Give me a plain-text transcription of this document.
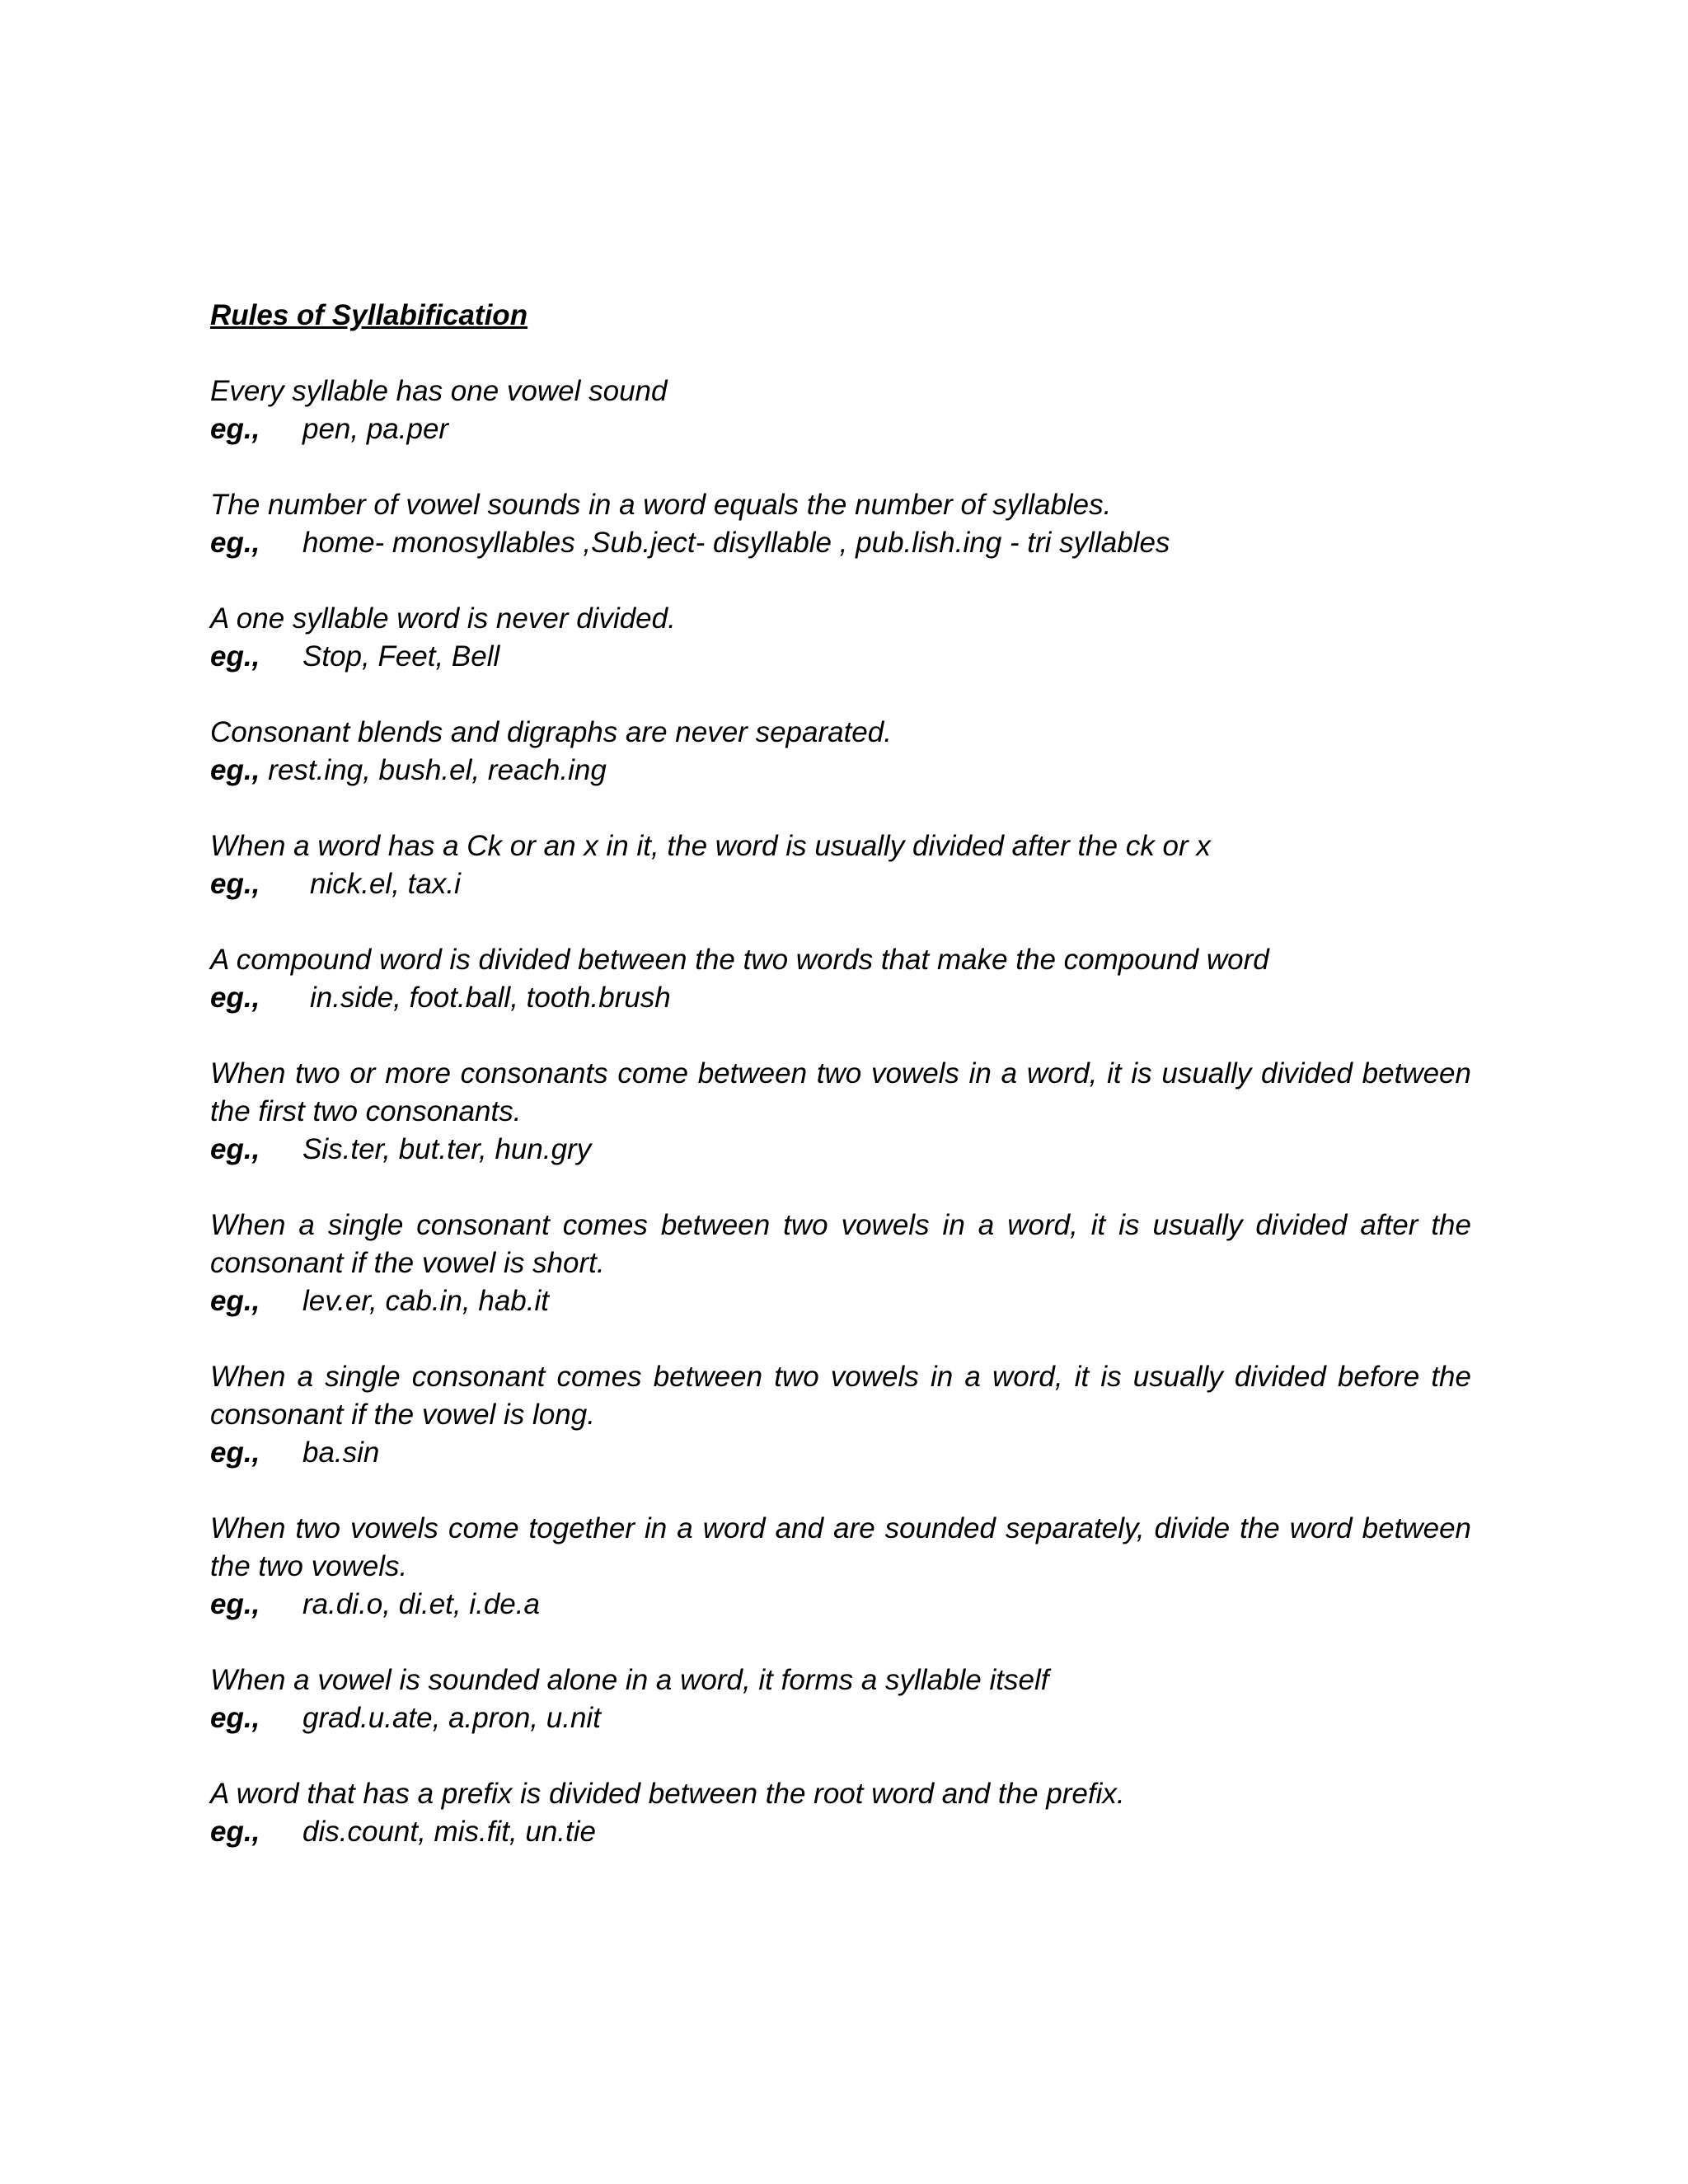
Rules of Syllabification

Every syllable has one vowel sound

eg., pen, pa.per

The number of vowel sounds in a word equals the number of syllables.

eg., home- monosyllables ,Sub.ject- disyllable , pub.lish.ing - tri syllables

A one syllable word is never divided.

eg., Stop, Feet, Bell

Consonant blends and digraphs are never separated.

eg., rest.ing, bush.el, reach.ing

When a word has a Ck or an x in it, the word is usually divided after the ck or x

eg., nick.el, tax.i

A compound word is divided between the two words that make the compound word

eg., in.side, foot.ball, tooth.brush

When two or more consonants come between two vowels in a word, it is usually divided between the first two consonants.

eg., Sis.ter, but.ter, hun.gry

When a single consonant comes between two vowels in a word, it is usually divided after the consonant if the vowel is short.

eg., lev.er, cab.in, hab.it

When a single consonant comes between two vowels in a word, it is usually divided before the consonant if the vowel is long.

eg., ba.sin

When two vowels come together in a word and are sounded separately, divide the word between the two vowels.

eg., ra.di.o, di.et, i.de.a

When a vowel is sounded alone in a word, it forms a syllable itself

eg., grad.u.ate, a.pron, u.nit

A word that has a prefix is divided between the root word and the prefix.

eg., dis.count, mis.fit, un.tie
